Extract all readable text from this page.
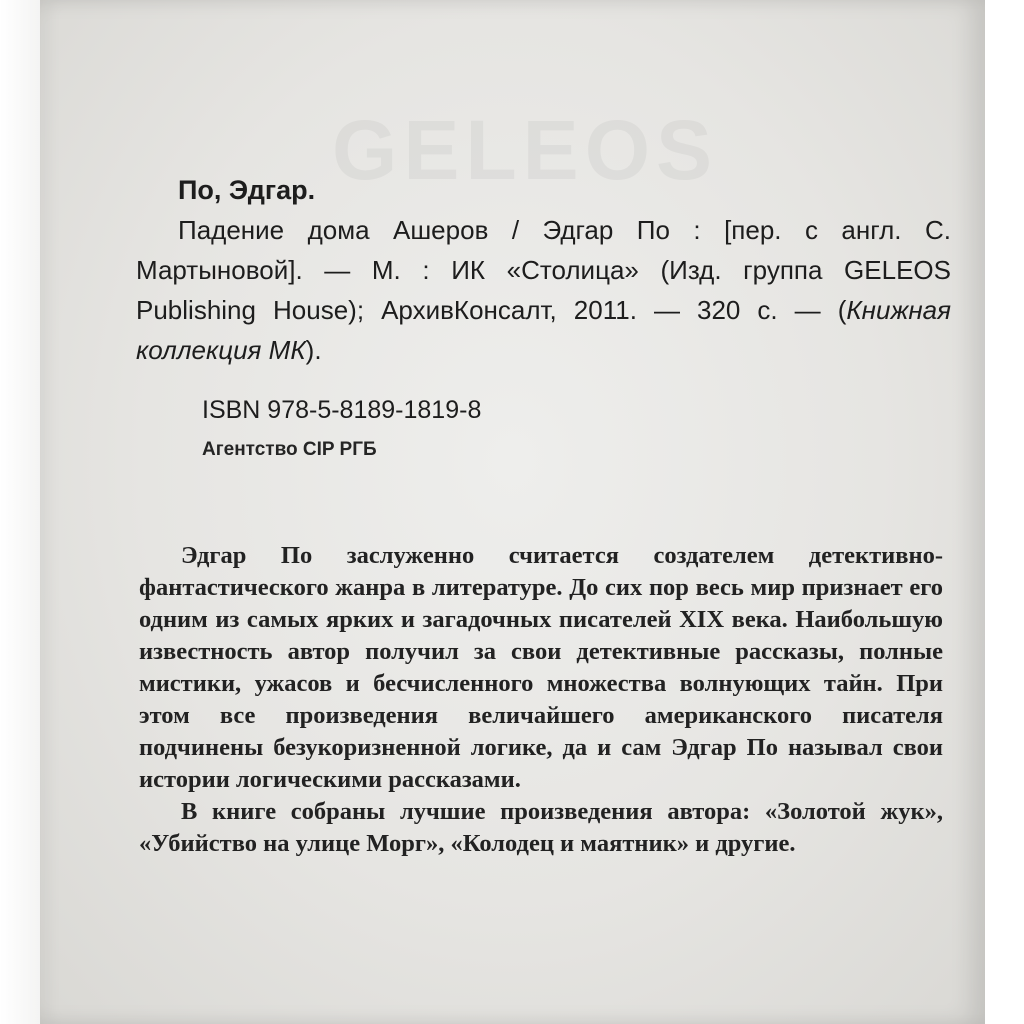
GELEOS

По, Эдгар.

Падение дома Ашеров / Эдгар По : [пер. с англ. С. Мартыновой]. — М. : ИК «Столица» (Изд. группа GELEOS Publishing House); АрхивКонсалт, 2011. — 320 с. — (Книжная коллекция МК).

ISBN 978-5-8189-1819-8

Агентство CIP РГБ

Эдгар По заслуженно считается создателем детективно-фантастического жанра в литературе. До сих пор весь мир признает его одним из самых ярких и загадочных писателей XIX века. Наибольшую известность автор получил за свои детективные рассказы, полные мистики, ужасов и бесчисленного множества волнующих тайн. При этом все произведения величайшего американского писателя подчинены безукоризненной логике, да и сам Эдгар По называл свои истории логическими рассказами.

В книге собраны лучшие произведения автора: «Золотой жук», «Убийство на улице Морг», «Колодец и маятник» и другие.
